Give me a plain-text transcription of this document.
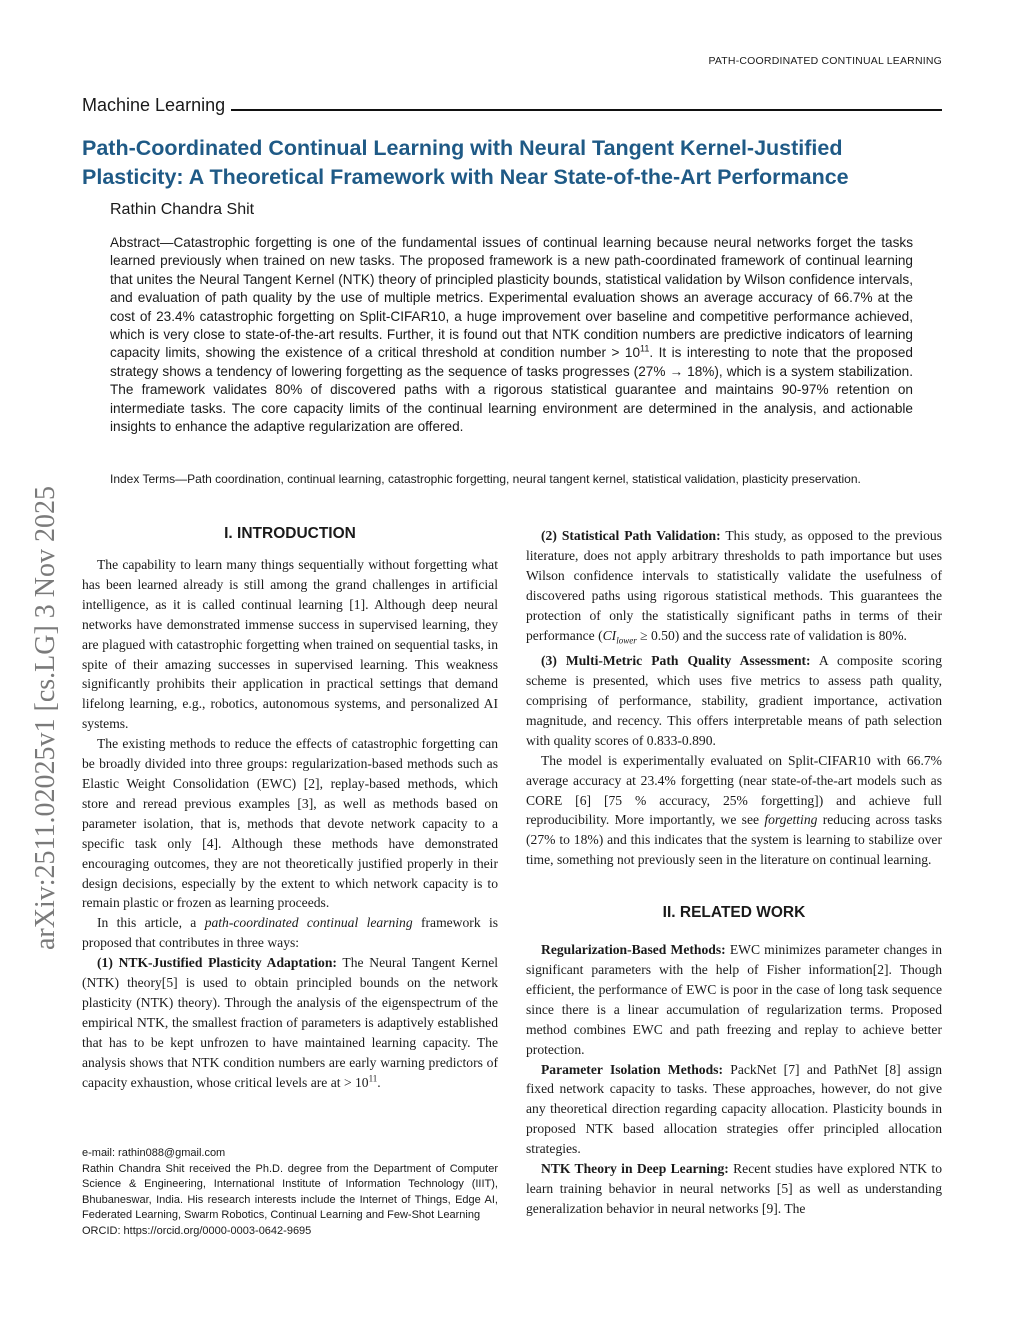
PATH-COORDINATED CONTINUAL LEARNING
Machine Learning
Path-Coordinated Continual Learning with Neural Tangent Kernel-Justified
Plasticity: A Theoretical Framework with Near State-of-the-Art Performance
Rathin Chandra Shit

Abstract—Catastrophic forgetting is one of the fundamental issues of continual learning because neural networks forget the tasks learned previously when trained on new tasks. The proposed framework is a new path-coordinated framework of continual learning that unites the Neural Tangent Kernel (NTK) theory of principled plasticity bounds, statistical validation by Wilson confidence intervals, and evaluation of path quality by the use of multiple metrics. Experimental evaluation shows an average accuracy of 66.7% at the cost of 23.4% catastrophic forgetting on Split-CIFAR10, a huge improvement over baseline and competitive performance achieved, which is very close to state-of-the-art results. Further, it is found out that NTK condition numbers are predictive indicators of learning capacity limits, showing the existence of a critical threshold at condition number > $10^{11}$. It is interesting to note that the proposed strategy shows a tendency of lowering forgetting as the sequence of tasks progresses (27% → 18%), which is a system stabilization. The framework validates 80% of discovered paths with a rigorous statistical guarantee and maintains 90-97% retention on intermediate tasks. The core capacity limits of the continual learning environment are determined in the analysis, and actionable insights to enhance the adaptive regularization are offered.

Index Terms—Path coordination, continual learning, catastrophic forgetting, neural tangent kernel, statistical validation, plasticity preservation.
arXiv:2511.02025v1 [cs.LG] 3 Nov 2025	I. INTRODUCTION

The capability to learn many things sequentially without forgetting what has been learned already is still among the grand challenges in artificial intelligence, as it is called continual learning [1]. Although deep neural networks have demonstrated immense success in supervised learning, they are plagued with catastrophic forgetting when trained on sequential tasks, in spite of their amazing successes in supervised learning. This weakness significantly prohibits their application in practical settings that demand lifelong learning, e.g., robotics, autonomous systems, and personalized AI systems.

The existing methods to reduce the effects of catastrophic forgetting can be broadly divided into three groups: regularization-based methods such as Elastic Weight Consolidation (EWC) [2], replay-based methods, which store and reread previous examples [3], as well as methods based on parameter isolation, that is, methods that devote network capacity to a specific task only [4]. Although these methods have demonstrated encouraging outcomes, they are not theoretically justified properly in their design decisions, especially by the extent to which network capacity is to remain plastic or frozen as learning proceeds.

In this article, a path-coordinated continual learning framework is proposed that contributes in three ways:

(1) NTK-Justified Plasticity Adaptation: The Neural Tangent Kernel (NTK) theory[5] is used to obtain principled bounds on the network plasticity (NTK) theory). Through the analysis of the eigenspectrum of the empirical NTK, the smallest fraction of parameters is adaptively established that has to be kept unfrozen to have maintained learning capacity. The analysis shows that NTK condition numbers are early warning predictors of capacity exhaustion, whose critical levels are at > $10^{11}$.

(2) Statistical Path Validation: This study, as opposed to the previous literature, does not apply arbitrary thresholds to path importance but uses Wilson confidence intervals to statistically validate the usefulness of discovered paths using rigorous statistical methods. This guarantees the protection of only the statistically significant paths in terms of their performance $(CI_{lower} \ge 0.50)$ and the success rate of validation is 80%.

(3) Multi-Metric Path Quality Assessment: A composite scoring scheme is presented, which uses five metrics to assess path quality, comprising of performance, stability, gradient importance, activation magnitude, and recency. This offers interpretable means of path selection with quality scores of 0.833-0.890.

The model is experimentally evaluated on Split-CIFAR10 with 66.7% average accuracy at 23.4% forgetting (near state-of-the-art models such as CORE [6] [75 % accuracy, 25% forgetting]) and achieve full reproducibility. More importantly, we see forgetting reducing across tasks (27% to 18%) and this indicates that the system is learning to stabilize over time, something not previously seen in the literature on continual learning.

II. RELATED WORK

Regularization-Based Methods: EWC minimizes parameter changes in significant parameters with the help of Fisher information[2]. Though efficient, the performance of EWC is poor in the case of long task sequence since there is a linear accumulation of regularization terms. Proposed method combines EWC and path freezing and replay to achieve better protection.

Parameter Isolation Methods: PackNet [7] and PathNet [8] assign fixed network capacity to tasks. These approaches, however, do not give any theoretical direction regarding capacity allocation. Plasticity bounds in proposed NTK based allocation strategies offer principled allocation strategies.

NTK Theory in Deep Learning: Recent studies have explored NTK to learn training behavior in neural networks [5] as well as understanding generalization behavior in neural networks [9]. The

e-mail: rathin088@gmail.com
Rathin Chandra Shit received the Ph.D. degree from the Department of Computer Science & Engineering, International Institute of Information Technology (IIIT), Bhubaneswar, India. His research interests include the Internet of Things, Edge AI, Federated Learning, Swarm Robotics, Continual Learning and Few-Shot Learning
ORCID: https://orcid.org/0000-0003-0642-9695
